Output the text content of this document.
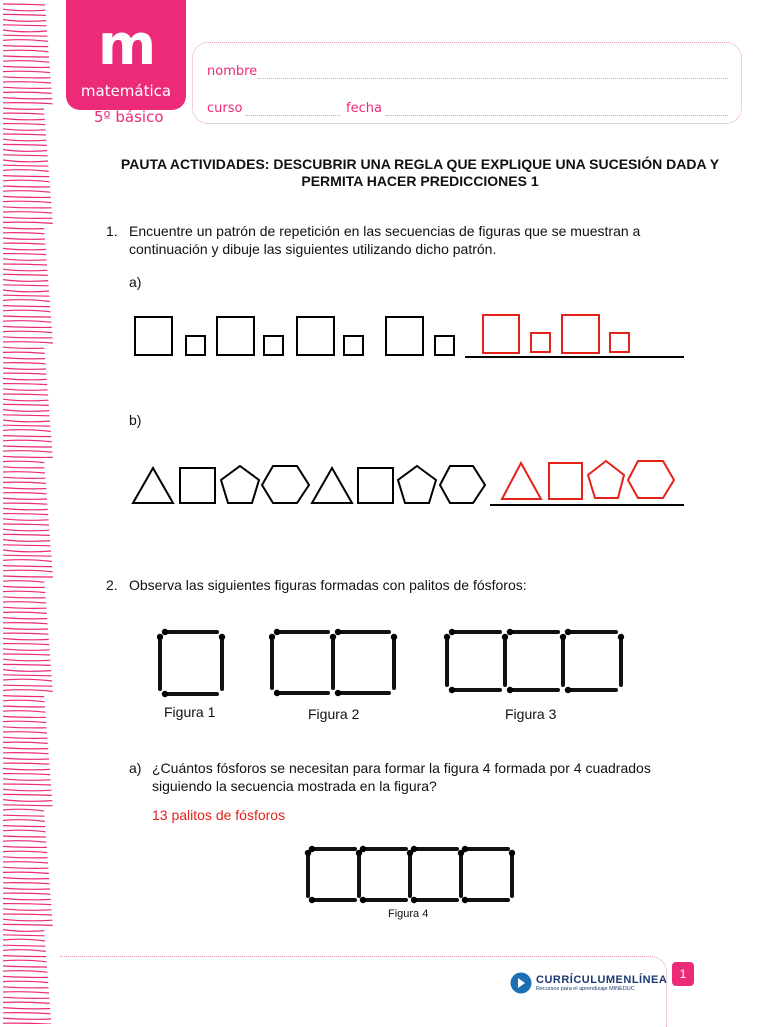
m
matemática
5º básico
nombre
curso	fecha
PAUTA ACTIVIDADES: DESCUBRIR UNA REGLA QUE EXPLIQUE UNA SUCESIÓN DADA Y
PERMITA HACER PREDICCIONES 1
1. Encuentre un patrón de repetición en las secuencias de figuras que se muestran a
continuación y dibuje las siguientes utilizando dicho patrón.
a)
b)
2. Observa las siguientes figuras formadas con palitos de fósforos:
Figura 1	Figura 2	Figura 3
a) ¿Cuántos fósforos se necesitan para formar la figura 4 formada por 4 cuadrados
siguiendo la secuencia mostrada en la figura?
13 palitos de fósforos
Figura 4
1
CURRÍCULUMENLÍNEA
Recursos para el aprendizaje MINEDUC
